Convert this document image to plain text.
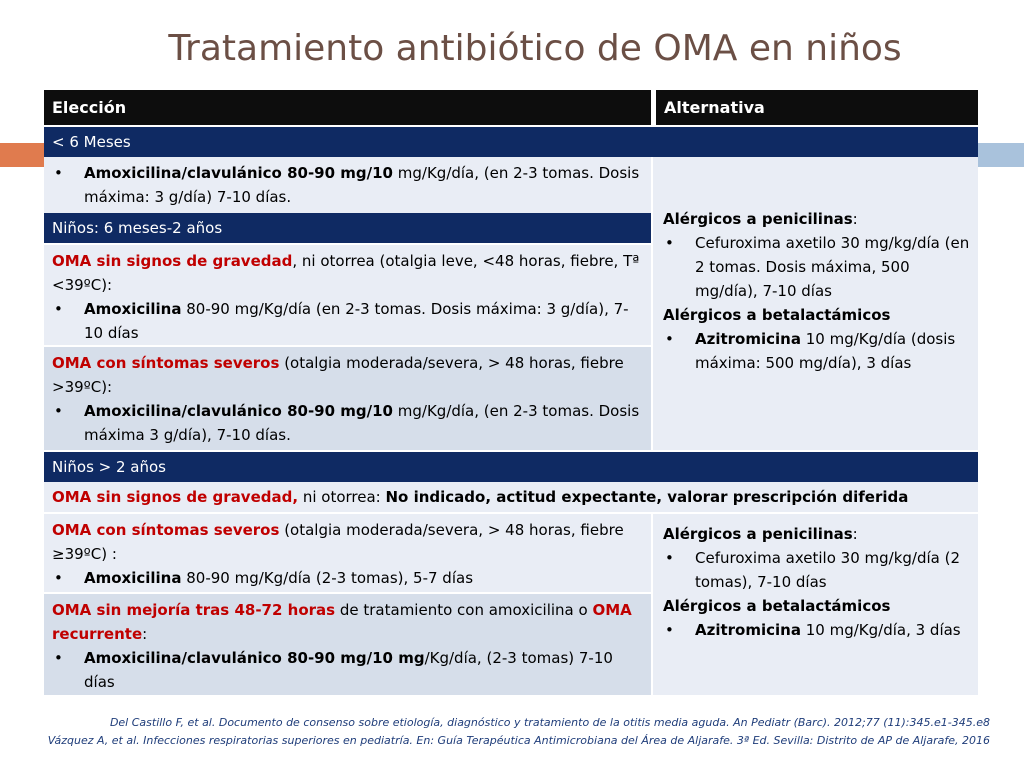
Tratamiento antibiótico de OMA en niños
Elección	Alternativa
< 6 Meses
• Amoxicilina/clavulánico 80-90 mg/10 mg/Kg/día, (en 2-3 tomas. Dosis máxima: 3 g/día) 7-10 días.
Alérgicos a penicilinas:
• Cefuroxima axetilo 30 mg/kg/día (en 2 tomas. Dosis máxima, 500 mg/día), 7-10 días
Alérgicos a betalactámicos
• Azitromicina 10 mg/Kg/día (dosis máxima: 500 mg/día), 3 días
Niños: 6 meses-2 años
OMA sin signos de gravedad, ni otorrea (otalgia leve, <48 horas, fiebre, Tª <39ºC):
• Amoxicilina 80-90 mg/Kg/día (en 2-3 tomas. Dosis máxima: 3 g/día), 7-10 días
OMA con síntomas severos (otalgia moderada/severa, > 48 horas, fiebre >39ºC):
• Amoxicilina/clavulánico 80-90 mg/10 mg/Kg/día, (en 2-3 tomas. Dosis máxima 3 g/día), 7-10 días.
Niños > 2 años
OMA sin signos de gravedad, ni otorrea: No indicado, actitud expectante, valorar prescripción diferida
OMA con síntomas severos (otalgia moderada/severa, > 48 horas, fiebre ≥39ºC) :
• Amoxicilina 80-90 mg/Kg/día (2-3 tomas), 5-7 días
OMA sin mejoría tras 48-72 horas de tratamiento con amoxicilina o OMA recurrente:
• Amoxicilina/clavulánico 80-90 mg/10 mg/Kg/día, (2-3 tomas) 7-10 días
Alérgicos a penicilinas:
• Cefuroxima axetilo 30 mg/kg/día (2 tomas), 7-10 días
Alérgicos a betalactámicos
• Azitromicina 10 mg/Kg/día, 3 días
Del Castillo F, et al. Documento de consenso sobre etiología, diagnóstico y tratamiento de la otitis media aguda. An Pediatr (Barc). 2012;77 (11):345.e1-345.e8
Vázquez A, et al. Infecciones respiratorias superiores en pediatría. En: Guía Terapéutica Antimicrobiana del Área de Aljarafe. 3ª Ed. Sevilla: Distrito de AP de Aljarafe, 2016
